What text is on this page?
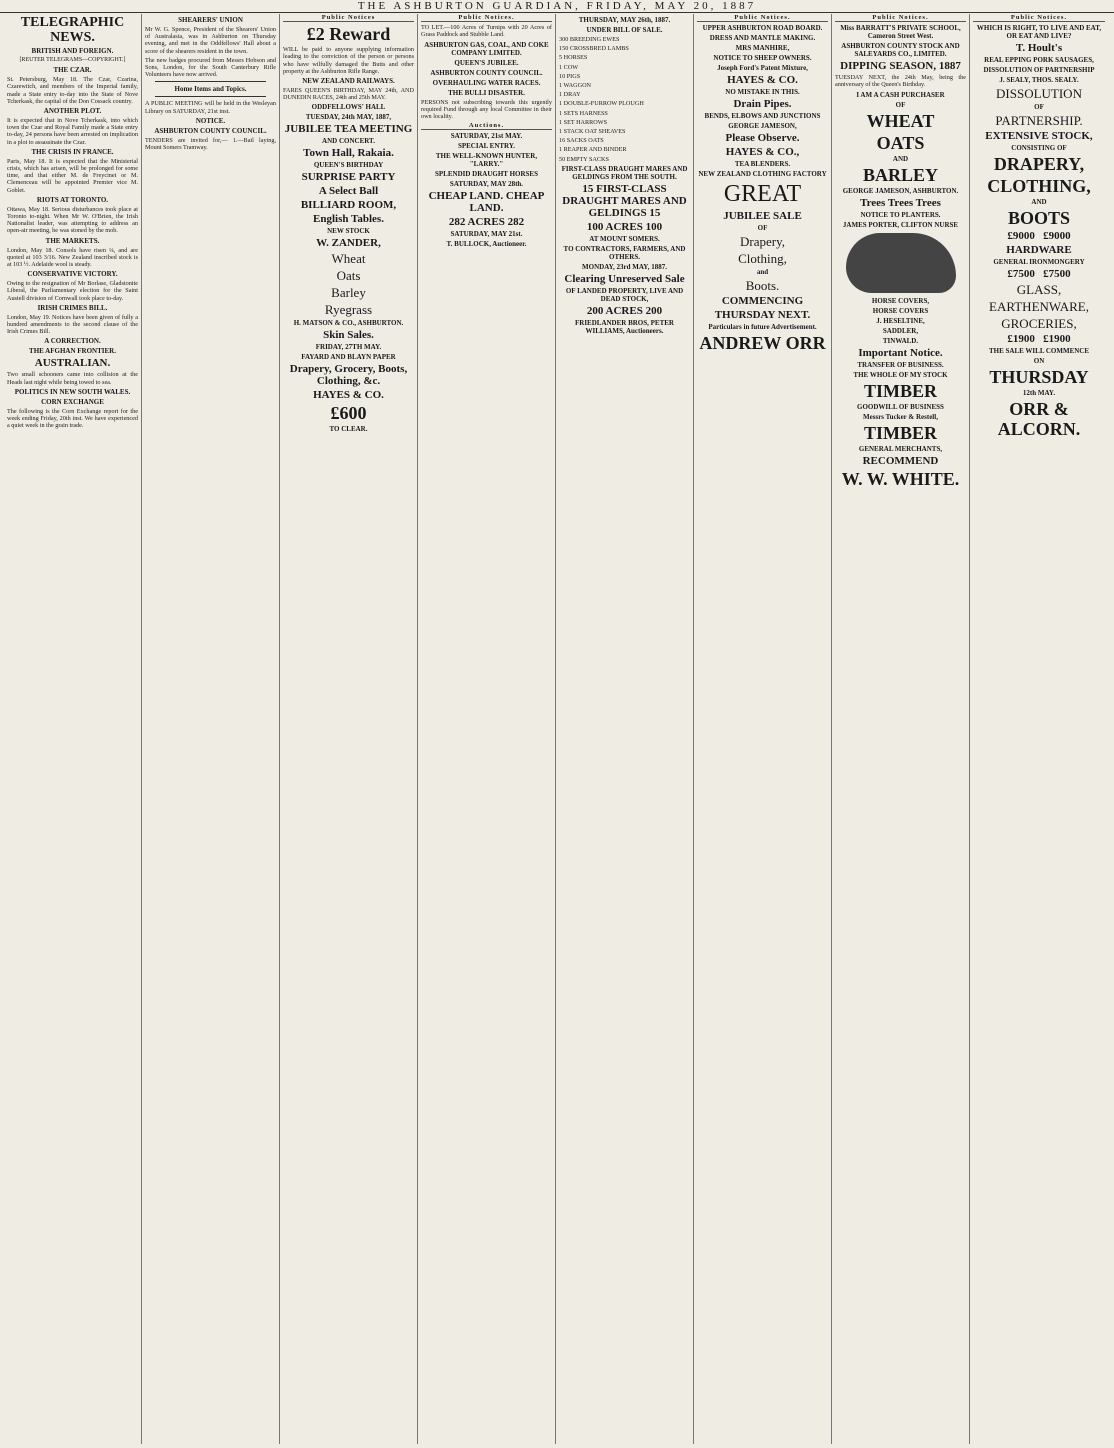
THE ASHBURTON GUARDIAN, FRIDAY, MAY 20, 1887
TELEGRAPHIC NEWS.
BRITISH AND FOREIGN.
[REUTER TELEGRAMS—COPYRIGHT.]
THE CZAR.
St. Petersburg, May 18. The Czar, Czarina, Czarewitch, and members of the Imperial family, made a State entry to-day into the State of Nove Tcherkask, the capital of the Don Cossack country.
ANOTHER PLOT.
It is expected that in Nove Tcherkask, into which town the Czar and Royal Family made a State entry to-day, 24 persons have been arrested on implication in a plot to assassinate the Czar.
THE CRISIS IN FRANCE.
Paris, May 18. It is expected that the Ministerial crisis, which has arisen, will be prolonged for some time, and that either M. de Freycinet or M. Clemenceau will be appointed Premier vice M. Goblet.
RIOTS AT TORONTO.
Ottawa, May 18. Serious disturbances took place at Toronto to-night. When Mr W. O'Brien, the Irish Nationalist leader, was attempting to address an open-air meeting, he was stoned by the mob.
THE MARKETS.
London, May 18. Consols have risen ¼, and are quoted at 103 3/16. New Zealand inscribed stock is at 103 ½. Adelaide wool is steady.
CONSERVATIVE VICTORY.
Owing to the resignation of Mr Borlase, Gladstonite Liberal, the Parliamentary election for the Saint Austell division of Cornwall took place to-day.
IRISH CRIMES BILL.
London, May 19. Notices have been given of fully a hundred amendments to the second clause of the Irish Crimes Bill.
A CORRECTION.
THE AFGHAN FRONTIER.
AUSTRALIAN.
Two small schooners came into collision at the Heads last night while being towed to sea.
POLITICS IN NEW SOUTH WALES.
CORN EXCHANGE
The following is the Corn Exchange report for the week ending Friday, 20th inst. We have experienced a quiet week in the grain trade.
SHEARERS' UNION
Mr W. G. Spence, President of the Shearers' Union of Australasia, was in Ashburton on Thursday evening, and met in the Oddfellows' Hall about a score of the shearers resident in the town.
The new badges procured from Messrs Hobson and Sons, London, for the South Canterbury Rifle Volunteers have now arrived.
Home Items and Topics.
A PUBLIC MEETING will be held in the Wesleyan Library on SATURDAY, 21st inst.
NOTICE.
ASHBURTON COUNTY COUNCIL.
TENDERS are invited for,— 1.—Bail laying, Mount Somers Tramway.
Public Notices
£2 Reward
WILL be paid to anyone supplying information leading to the conviction of the person or persons who have wilfully damaged the Butts and other property at the Ashburton Rifle Range.
NEW ZEALAND RAILWAYS.
FARES QUEEN'S BIRTHDAY, MAY 24th, AND DUNEDIN RACES, 24th and 25th MAY.
ODDFELLOWS' HALL
TUESDAY, 24th MAY, 1887,
JUBILEE TEA MEETING
AND CONCERT.
Town Hall, Rakaia.
QUEEN'S BIRTHDAY
SURPRISE PARTY
A Select Ball
BILLIARD ROOM,
English Tables.
NEW STOCK
W. ZANDER,
Wheat
Oats
Barley
Ryegrass
H. MATSON & CO., ASHBURTON.
Skin Sales.
FRIDAY, 27TH MAY.
FAYARD AND BLAYN PAPER
Drapery, Grocery, Boots, Clothing, &c.
HAYES & CO.
£600
TO CLEAR.
Public Notices.
TO LET.—100 Acres of Turnips with 20 Acres of Grass Paddock and Stubble Land.
ASHBURTON GAS, COAL, AND COKE COMPANY LIMITED.
QUEEN'S JUBILEE.
ASHBURTON COUNTY COUNCIL.
OVERHAULING WATER RACES.
THE BULLI DISASTER.
PERSONS not subscribing towards this urgently required Fund through any local Committee in their own locality.
Auctions.
SATURDAY, 21st MAY.
SPECIAL ENTRY.
THE WELL-KNOWN HUNTER, "LARRY."
SPLENDID DRAUGHT HORSES
SATURDAY, MAY 28th.
CHEAP LAND. CHEAP LAND.
282 ACRES 282
SATURDAY, MAY 21st.
T. BULLOCK, Auctioneer.
THURSDAY, MAY 26th, 1887.
UNDER BILL OF SALE.
300 BREEDING EWES
150 CROSSBRED LAMBS
5 HORSES
1 COW
10 PIGS
1 WAGGON
1 DRAY
1 DOUBLE-FURROW PLOUGH
1 SETS HARNESS
1 SET HARROWS
1 STACK OAT SHEAVES
16 SACKS OATS
1 REAPER AND BINDER
50 EMPTY SACKS
FIRST-CLASS DRAUGHT MARES AND GELDINGS FROM THE SOUTH.
15 FIRST-CLASS DRAUGHT MARES AND GELDINGS 15
100 ACRES 100
AT MOUNT SOMERS.
TO CONTRACTORS, FARMERS, AND OTHERS.
MONDAY, 23rd MAY, 1887.
Clearing Unreserved Sale
OF LANDED PROPERTY, LIVE AND DEAD STOCK,
200 ACRES 200
FRIEDLANDER BROS, PETER WILLIAMS, Auctioneers.
Public Notices.
UPPER ASHBURTON ROAD BOARD.
DRESS AND MANTLE MAKING.
MRS MANHIRE,
NOTICE TO SHEEP OWNERS.
Joseph Ford's Patent Mixture,
HAYES & CO.
NO MISTAKE IN THIS.
Drain Pipes.
BENDS, ELBOWS AND JUNCTIONS
GEORGE JAMESON,
Please Observe.
HAYES & CO.,
TEA BLENDERS.
NEW ZEALAND CLOTHING FACTORY
GREAT
JUBILEE SALE
OF
Drapery,
Clothing,
and
Boots.
COMMENCING
THURSDAY NEXT.
Particulars in future Advertisement.
ANDREW ORR
Public Notices.
Miss BARRATT'S PRIVATE SCHOOL, Cameron Street West.
ASHBURTON COUNTY STOCK AND SALEYARDS CO., LIMITED.
DIPPING SEASON, 1887
TUESDAY NEXT, the 24th May, being the anniversary of the Queen's Birthday.
I AM A CASH PURCHASER
OF
WHEAT
OATS
AND
BARLEY
GEORGE JAMESON, ASHBURTON.
Trees Trees Trees
NOTICE TO PLANTERS.
JAMES PORTER, CLIFTON NURSE
HORSE COVERS,
HORSE COVERS
J. HESELTINE,
SADDLER,
TINWALD.
Important Notice.
TRANSFER OF BUSINESS.
THE WHOLE OF MY STOCK
TIMBER
GOODWILL OF BUSINESS
Messrs Tucker & Restell,
TIMBER
GENERAL MERCHANTS,
RECOMMEND
W. W. WHITE.
Public Notices.
WHICH IS RIGHT, TO LIVE AND EAT, OR EAT AND LIVE?
T. Hoult's
REAL EPPING PORK SAUSAGES,
DISSOLUTION OF PARTNERSHIP
J. SEALY, THOS. SEALY.
DISSOLUTION
OF
PARTNERSHIP.
EXTENSIVE STOCK,
CONSISTING OF
DRAPERY,
CLOTHING,
AND
BOOTS
£9000 £9000
HARDWARE
GENERAL IRONMONGERY
£7500 £7500
GLASS,
EARTHENWARE,
GROCERIES,
£1900 £1900
THE SALE WILL COMMENCE
ON
THURSDAY
12th MAY.
ORR & ALCORN.
